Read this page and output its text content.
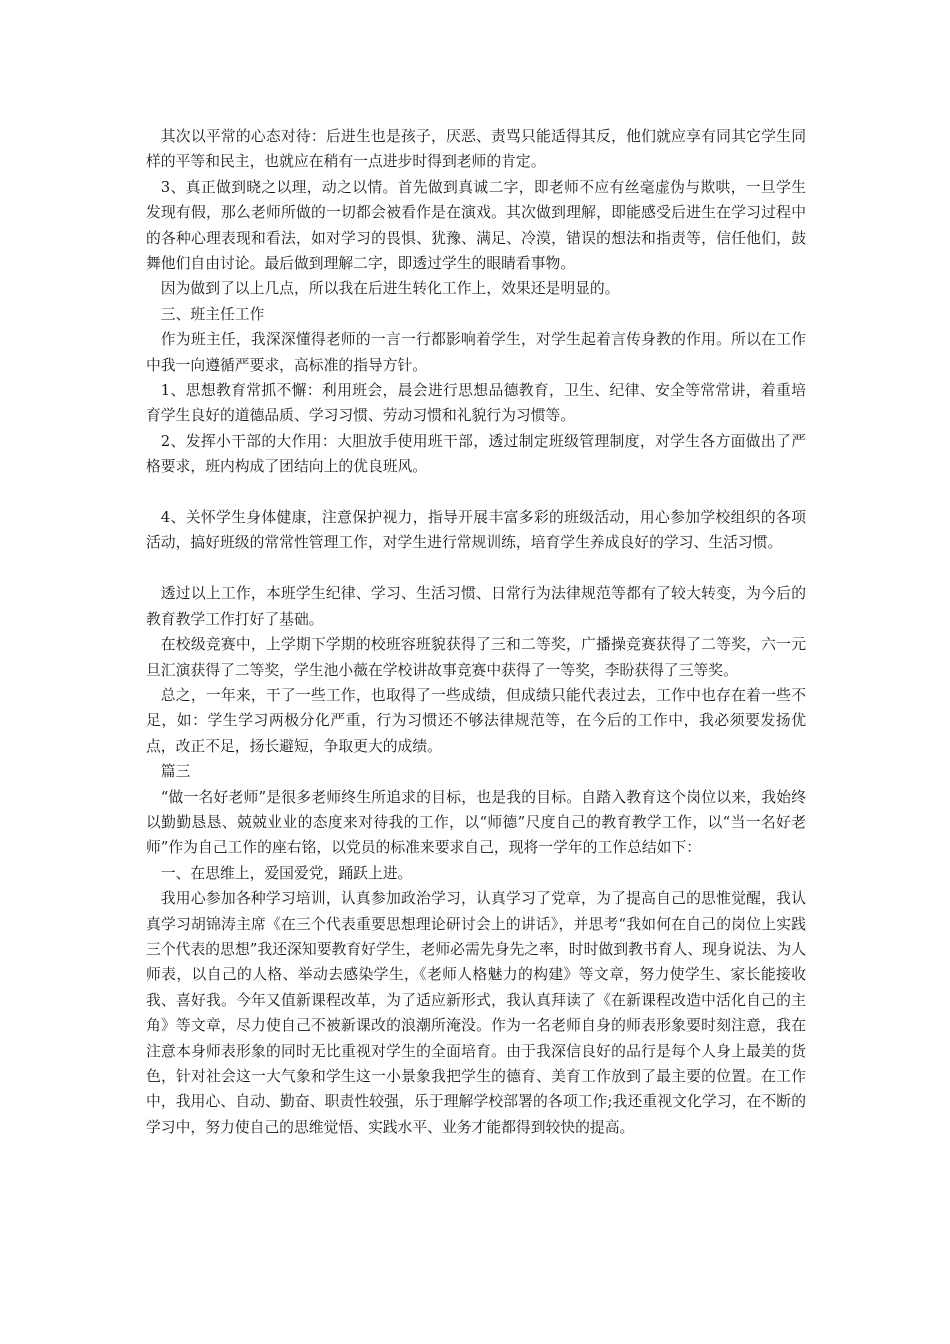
其次以平常的心态对待：后进生也是孩子，厌恶、责骂只能适得其反，他们就应享有同其它学生同样的平等和民主，也就应在稍有一点进步时得到老师的肯定。

3、真正做到晓之以理，动之以情。首先做到真诚二字，即老师不应有丝毫虚伪与欺哄，一旦学生发现有假，那么老师所做的一切都会被看作是在演戏。其次做到理解，即能感受后进生在学习过程中的各种心理表现和看法，如对学习的畏惧、犹豫、满足、冷漠，错误的想法和指责等，信任他们，鼓舞他们自由讨论。最后做到理解二字，即透过学生的眼睛看事物。

因为做到了以上几点，所以我在后进生转化工作上，效果还是明显的。

三、班主任工作

作为班主任，我深深懂得老师的一言一行都影响着学生，对学生起着言传身教的作用。所以在工作中我一向遵循严要求，高标准的指导方针。

1、思想教育常抓不懈：利用班会，晨会进行思想品德教育，卫生、纪律、安全等常常讲，着重培育学生良好的道德品质、学习习惯、劳动习惯和礼貌行为习惯等。

2、发挥小干部的大作用：大胆放手使用班干部，透过制定班级管理制度，对学生各方面做出了严格要求，班内构成了团结向上的优良班风。

4、关怀学生身体健康，注意保护视力，指导开展丰富多彩的班级活动，用心参加学校组织的各项活动，搞好班级的常常性管理工作，对学生进行常规训练，培育学生养成良好的学习、生活习惯。

透过以上工作，本班学生纪律、学习、生活习惯、日常行为法律规范等都有了较大转变，为今后的教育教学工作打好了基础。

在校级竞赛中，上学期下学期的校班容班貌获得了三和二等奖，广播操竞赛获得了二等奖，六一元旦汇演获得了二等奖，学生池小薇在学校讲故事竞赛中获得了一等奖，李盼获得了三等奖。

总之，一年来，干了一些工作，也取得了一些成绩，但成绩只能代表过去，工作中也存在着一些不足，如：学生学习两极分化严重，行为习惯还不够法律规范等，在今后的工作中，我必须要发扬优点，改正不足，扬长避短，争取更大的成绩。

篇三

“做一名好老师”是很多老师终生所追求的目标，也是我的目标。自踏入教育这个岗位以来，我始终以勤勤恳恳、兢兢业业的态度来对待我的工作，以“师德”尺度自己的教育教学工作，以“当一名好老师”作为自己工作的座右铭，以党员的标准来要求自己，现将一学年的工作总结如下：

一、在思维上，爱国爱党，踊跃上进。

我用心参加各种学习培训，认真参加政治学习，认真学习了党章，为了提高自己的思惟觉醒，我认真学习胡锦涛主席《在三个代表重要思想理论研讨会上的讲话》，并思考“我如何在自己的岗位上实践三个代表的思想”我还深知要教育好学生，老师必需先身先之率，时时做到教书育人、现身说法、为人师表，以自己的人格、举动去感染学生，《老师人格魅力的构建》等文章，努力使学生、家长能接收我、喜好我。今年又值新课程改革，为了适应新形式，我认真拜读了《在新课程改造中活化自己的主角》等文章，尽力使自己不被新课改的浪潮所淹没。作为一名老师自身的师表形象要时刻注意，我在注意本身师表形象的同时无比重视对学生的全面培育。由于我深信良好的品行是每个人身上最美的货色，针对社会这一大气象和学生这一小景象我把学生的德育、美育工作放到了最主要的位置。在工作中，我用心、自动、勤奋、职责性较强，乐于理解学校部署的各项工作;我还重视文化学习，在不断的学习中，努力使自己的思维觉悟、实践水平、业务才能都得到较快的提高。
